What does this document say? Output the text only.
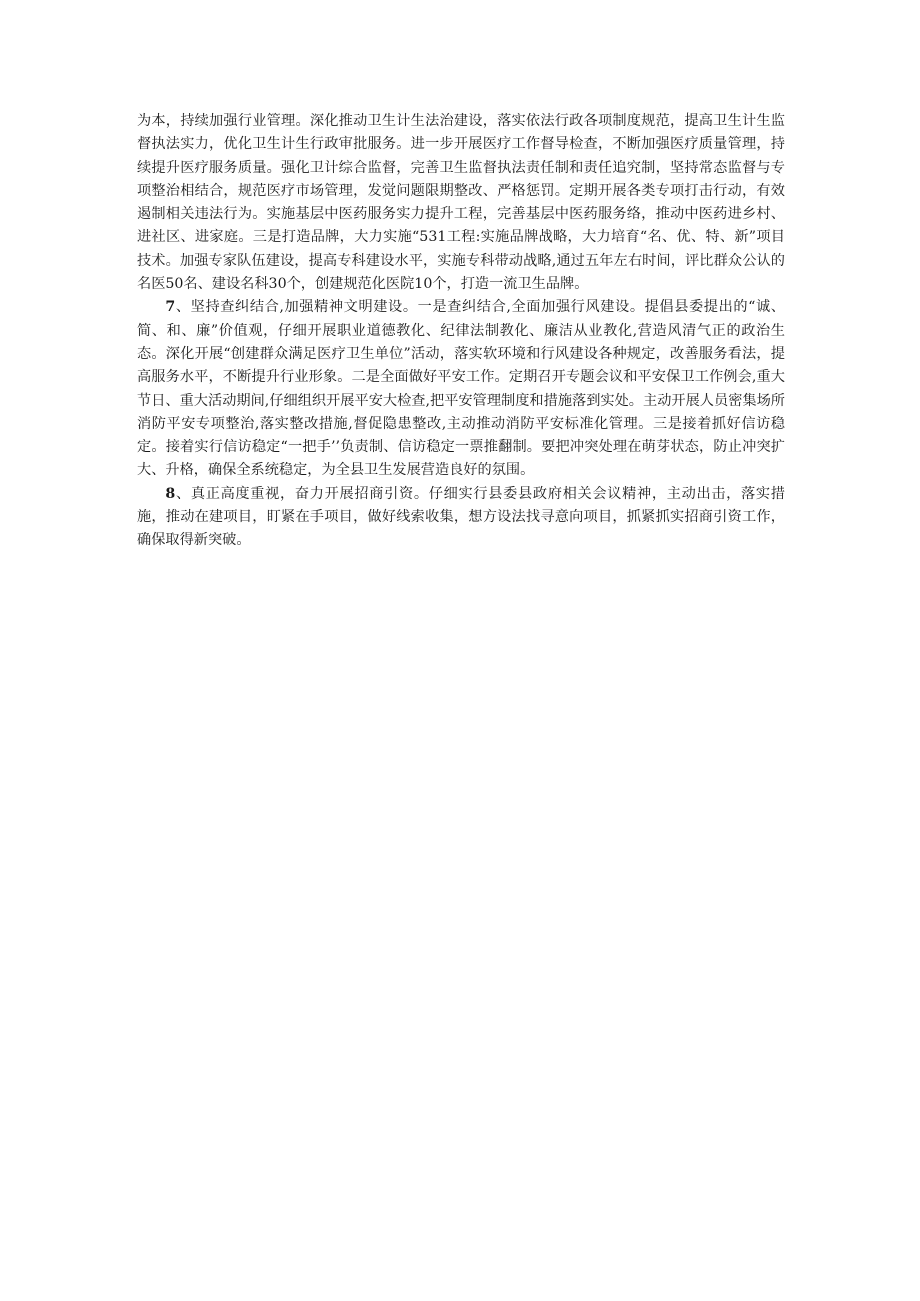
为本，持续加强行业管理。深化推动卫生计生法治建设，落实依法行政各项制度规范，提高卫生计生监督执法实力，优化卫生计生行政审批服务。进一步开展医疗工作督导检查，不断加强医疗质量管理，持续提升医疗服务质量。强化卫计综合监督，完善卫生监督执法责任制和责任追究制，坚持常态监督与专项整治相结合，规范医疗市场管理，发觉问题限期整改、严格惩罚。定期开展各类专项打击行动，有效遏制相关违法行为。实施基层中医药服务实力提升工程，完善基层中医药服务络，推动中医药进乡村、进社区、进家庭。三是打造品牌，大力实施“531工程:实施品牌战略，大力培育“名、优、特、新”项目技术。加强专家队伍建设，提高专科建设水平，实施专科带动战略,通过五年左右时间，评比群众公认的名医50名、建设名科30个，创建规范化医院10个，打造一流卫生品牌。

7、坚持查纠结合,加强精神文明建设。一是查纠结合,全面加强行风建设。提倡县委提出的“诚、简、和、廉”价值观，仔细开展职业道德教化、纪律法制教化、廉洁从业教化,营造风清气正的政治生态。深化开展“创建群众满足医疗卫生单位”活动，落实软环境和行风建设各种规定，改善服务看法，提高服务水平，不断提升行业形象。二是全面做好平安工作。定期召开专题会议和平安保卫工作例会,重大节日、重大活动期间,仔细组织开展平安大检查,把平安管理制度和措施落到实处。主动开展人员密集场所消防平安专项整治,落实整改措施,督促隐患整改,主动推动消防平安标准化管理。三是接着抓好信访稳定。接着实行信访稳定“一把手’’负责制、信访稳定一票推翻制。要把冲突处理在萌芽状态，防止冲突扩大、升格，确保全系统稳定，为全县卫生发展营造良好的氛围。

8、真正高度重视，奋力开展招商引资。仔细实行县委县政府相关会议精神，主动出击，落实措施，推动在建项目，盯紧在手项目，做好线索收集，想方设法找寻意向项目，抓紧抓实招商引资工作，确保取得新突破。
